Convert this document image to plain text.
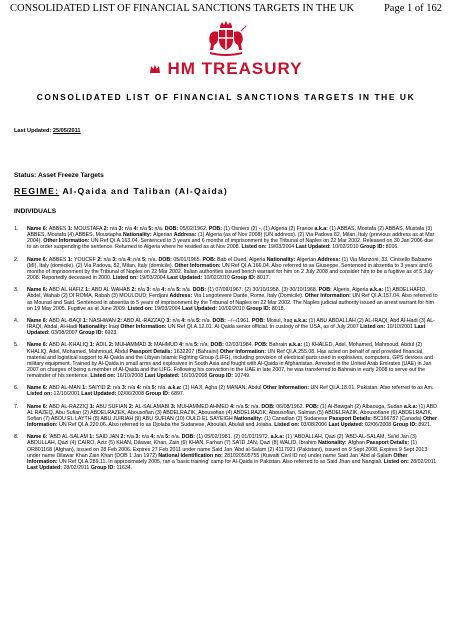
CONSOLIDATED LIST OF FINANCIAL SANCTIONS TARGETS IN THE UK	Page 1 of 162
HM TREASURY
CONSOLIDATED LIST OF FINANCIAL SANCTIONS TARGETS IN THE UK
Last Updated: 25/05/2011
Status: Asset Freeze Targets
REGIME: Al-Qaida and Taliban (Al-Qaida)
INDIVIDUALS
1. Name 6: ABBES 1: MOUSTAFA 2: n/a 3: n/a 4: n/a 5: n/a. DOB: 05/02/1962. POB: (1) Osniers (2) -, (1) Algeria (2) France a.k.a: (1) ABBAS, Mostafa (2) ABBAS, Mustafa (3) ABBES, Mostafa (4) ABBES, Moustapha Nationality: Algerian Address: (1) Algeria (as of Nov 2008) (UN address). (2) Via Padova 82, Milan, Italy (previous address as at Mar 2004). Other Information: UN Ref QI.A.163.04. Sentenced to 3 years and 6 months of imprisonment by the Tribunal of Naples on 22 Mar 2002. Released on 30 Jan 2006 due to an order suspending the sentence. Returned to Algeria where he resided as at Nov 2008. Listed on: 19/03/2004 Last Updated: 10/02/2010 Group ID: 8016.
2. Name 6: ABBES 1: YOUCEF 2: n/a 3: n/a 4: n/a 5: n/a. DOB: 05/01/1965. POB: Bab el Oued, Algeria Nationality: Algerian Address: (1) Via Manzoni, 33, Cinisello Balsamo (MI), Italy (domicile). (2) Via Padova, 82, Milan, Italy (domicile). Other Information: UN Ref QI.A.166.04. Also referred to as Giuseppe. Sentenced in absentia to 3 years and 6 months of imprisonment by the Tribunal of Naples on 22 Mar 2002. Italian authorities issued bench warrant for him on 2 July 2008 and consider him to be a fugitive as of 5 July 2008. Reportedly deceased in 2000. Listed on: 19/03/2004 Last Updated: 10/02/2010 Group ID: 8017.
3. Name 6: ABD AL HAFIZ 1: ABD AL WAHAB 2: n/a 3: n/a 4: n/a 5: n/a. DOB: (1) 07/09/1967. (2) 30/10/1958. (3) 30/10/1968. POB: Algeris, Algeria a.k.a: (1) ABDELHAFID, Abdel, Wahab (2) DI ROMA, Rabah (3) MOULOUD, Ferdjani Address: Via Lungotevere Dante, Rome, Italy (Domicile). Other Information: UN Ref QI.A.157.04. Also referred to as Mourad and Said. Sentenced in absentia to 5 years of imprisonment by the Tribunal of Naples on 22 Mar 2002. The Naples judicial authority issued an arrest warrant for him on 19 May 2005. Fugitive as at June 2009. Listed on: 19/03/2004 Last Updated: 10/02/2010 Group ID: 8018.
4. Name 6: ABD AL-BAQI 1: NASHWAN 2: ABD AL-RAZZAQ 3: n/a 4: n/a 5: n/a. DOB: --/--/1961. POB: Mosul, Iraq a.k.a: (1) ABU ABDALLAH (2) AL-IRAQI, Abd Al-Hadi (3) AL-IRAQI, Abdal, Al-Hadi Nationality: Iraqi Other Information: UN Ref QI.A.12.01. Al-Qaida senior official. In custody of the USA, as of July 2007 Listed on: 10/10/2001 Last Updated: 03/08/2007 Group ID: 6923.
5. Name 6: ABD AL-KHALIQ 1: ADIL 2: MUHAMMAD 3: MAHMUD 4: n/a 5: n/a. DOB: 02/03/1984. POB: Bahrain a.k.a: (1) KHALED, Adel, Mohamed, Mahmoud, Abdul (2) KHALIQ, Adel, Mohamed, Mahmoud, Abdul Passport Details: 1632207 (Bahraini) Other Information: UN Ref QI.A.255.08. Has acted on behalf of and provided financial, material and logistical support to Al-Qaida and the Libyan Islamic Fighting Group (LIFG), including provision of electrical parts used in explosives, computers, GPS devices and military equipment. Trained by Al-Qaida in small arms and explosives in South Asia and fought with Al-Qaida in Afghanistan. Arrested in the United Arab Emirates (UAE) in Jan 2007 on charges of being a member of Al-Qaida and the LIFG. Following his conviction in the UAE in late 2007, he was transferred to Bahrain in early 2008 to serve out the remainder of his sentence. Listed on: 16/10/2008 Last Updated: 16/10/2008 Group ID: 10749.
6. Name 6: ABD AL-MAN 1: SAIYID 2: n/a 3: n/a 4: n/a 5: n/a. a.k.a: (1) HAJI, Agha (2) MANAN, Abdul Other Information: UN Ref QI.A.18.01. Pakistan. Also referred to as Am. Listed on: 12/10/2001 Last Updated: 02/06/2008 Group ID: 6897.
7. Name 6: ABD AL-RAZZIQ 1: ABU SUFIAN 2: AL-SALAMABI 3: MUHAMMED AHMED 4: n/a 5: n/a. DOB: 06/08/1962. POB: (1) Al-Bawgah (2) Albaouga, Sudan a.k.a: (1) ABD AL RAZEQ, Abu Sufian (2) ABDELRAZEK, Abousofian (3) ABDELRAZIK, Abousofian (4) ABDELRAZIK, Abousofian, Salman (5) ABDELRAZIK, Abousofiane (6) ABDELRAZIK, Sofian (7) ABOU EL LAYTH (8) ABU JUIRIAH (9) ABU SUFIAN (10) OULD EL SAYEIGH Nationality: (1) Canadian (2) Sudanese Passport Details: BC166787 (Canada) Other Information: UN Ref QI.A.220.06. Also referred to as Djolaba the Sudanese, Aboulali, Abulali and Jolaba. Listed on: 03/08/2006 Last Updated: 02/06/2008 Group ID: 8921.
8. Name 6: 'ABD AL-SALAM 1: SAID JAN 2: n/a 3: n/a 4: n/a 5: n/a. DOB: (1) 05/02/1981. (2) 01/01/1972. a.k.a: (1) 'ABDALLAH, Qazi (2) 'ABD-AL-SALAM, Sa'id Jan (3) ABDULLAH, Qazi (4) CAIRO, Aziz (5) KHAN, Dilawar, Khan, Zain (6) KHAN, Farhan (7) SA'ID JAN, Qazi (8) WALID, Ibrahim Nationality: Afghan Passport Details: (1) OR801168 (Afghan), issued on 28 Feb 2006. Expires 27 Feb 2011 under name Said Jan 'Abd al-Salam (2) 4117921 (Pakistani), issued on 9 Sept 2008, Expires 9 Sept 2013 under name Dilawar Khan Zain Khan (DOB 1 Jan 1972) National Identification no: 281020505755 (Kuwaiti Civil ID no) under name Said Jan 'Abd al-Salam Other Information: UN Ref QI.A.289.11. In approximately 2005, ran a 'basic training' camp for Al-Qaida in Pakistan. Also referred to as Said Jhan and Nangiali. Listed on: 28/02/2011 Last Updated: 28/02/2011 Group ID: 11634.
